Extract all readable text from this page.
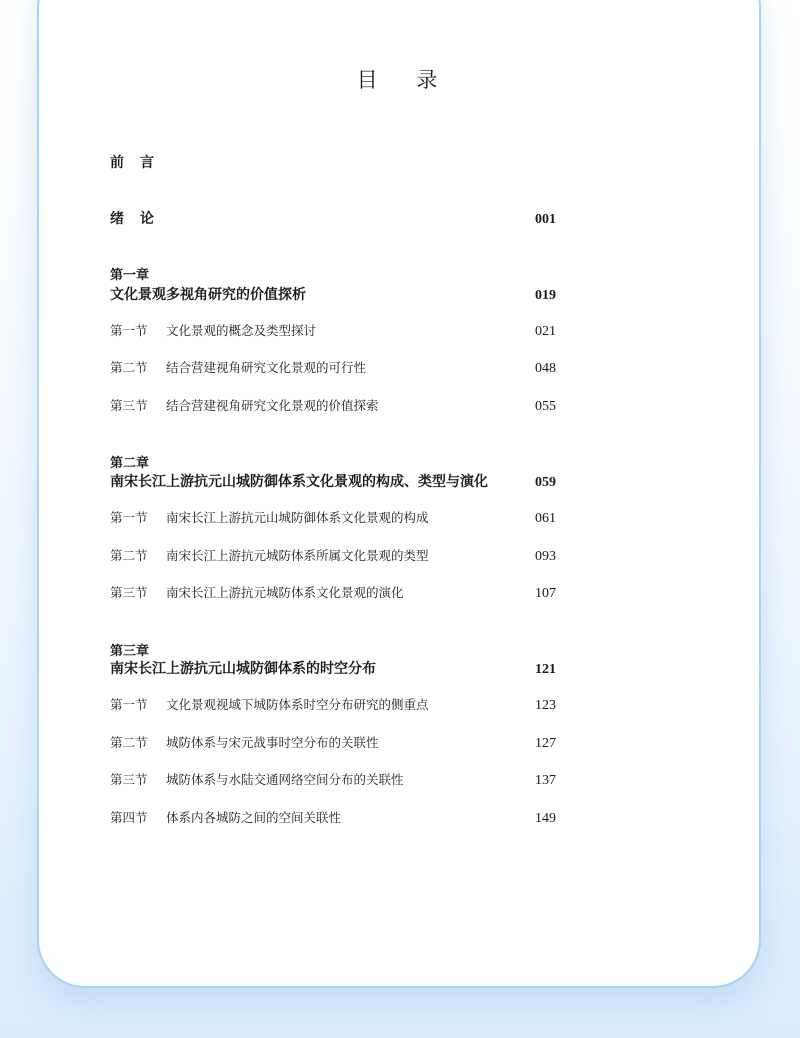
目 录
前言
绪论	001
第一章
文化景观多视角研究的价值探析	019
第一节 文化景观的概念及类型探讨	021
第二节 结合营建视角研究文化景观的可行性	048
第三节 结合营建视角研究文化景观的价值探索	055
第二章
南宋长江上游抗元山城防御体系文化景观的构成、类型与演化	059
第一节 南宋长江上游抗元山城防御体系文化景观的构成	061
第二节 南宋长江上游抗元城防体系所属文化景观的类型	093
第三节 南宋长江上游抗元城防体系文化景观的演化	107
第三章
南宋长江上游抗元山城防御体系的时空分布	121
第一节 文化景观视域下城防体系时空分布研究的侧重点	123
第二节 城防体系与宋元战事时空分布的关联性	127
第三节 城防体系与水陆交通网络空间分布的关联性	137
第四节 体系内各城防之间的空间关联性	149
